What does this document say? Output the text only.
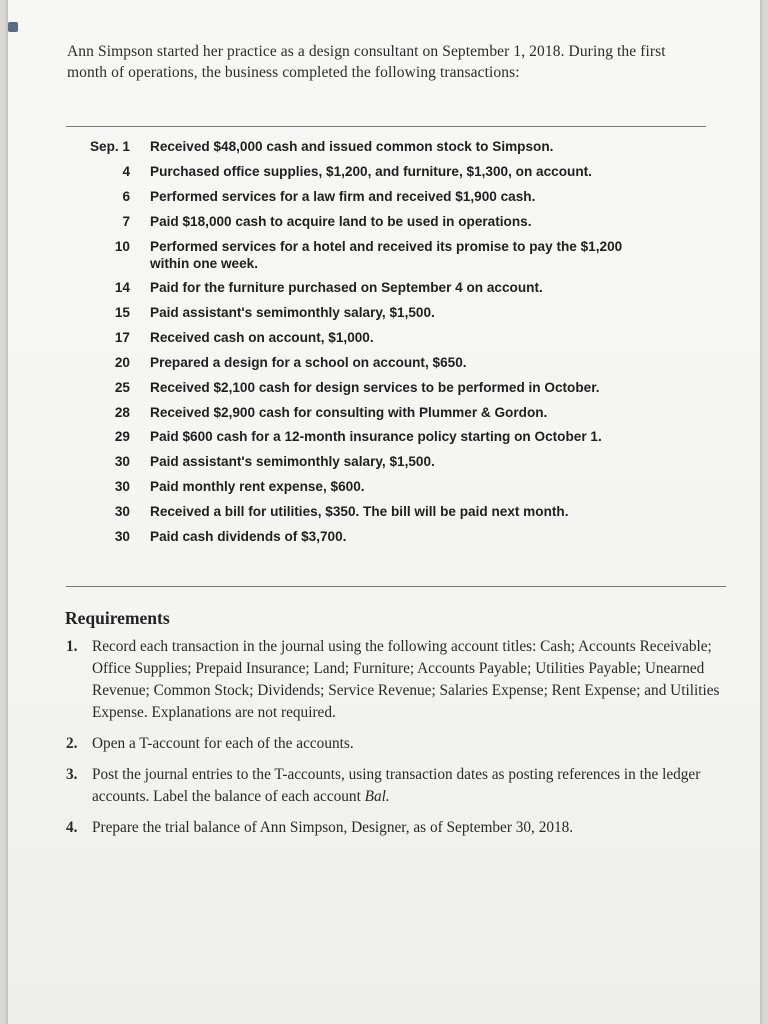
Ann Simpson started her practice as a design consultant on September 1, 2018. During the first month of operations, the business completed the following transactions:
Sep. 1	Received $48,000 cash and issued common stock to Simpson.
4	Purchased office supplies, $1,200, and furniture, $1,300, on account.
6	Performed services for a law firm and received $1,900 cash.
7	Paid $18,000 cash to acquire land to be used in operations.
10	Performed services for a hotel and received its promise to pay the $1,200 within one week.
14	Paid for the furniture purchased on September 4 on account.
15	Paid assistant's semimonthly salary, $1,500.
17	Received cash on account, $1,000.
20	Prepared a design for a school on account, $650.
25	Received $2,100 cash for design services to be performed in October.
28	Received $2,900 cash for consulting with Plummer & Gordon.
29	Paid $600 cash for a 12-month insurance policy starting on October 1.
30	Paid assistant's semimonthly salary, $1,500.
30	Paid monthly rent expense, $600.
30	Received a bill for utilities, $350. The bill will be paid next month.
30	Paid cash dividends of $3,700.
Requirements
1. Record each transaction in the journal using the following account titles: Cash; Accounts Receivable; Office Supplies; Prepaid Insurance; Land; Furniture; Accounts Payable; Utilities Payable; Unearned Revenue; Common Stock; Dividends; Service Revenue; Salaries Expense; Rent Expense; and Utilities Expense. Explanations are not required.
2. Open a T-account for each of the accounts.
3. Post the journal entries to the T-accounts, using transaction dates as posting references in the ledger accounts. Label the balance of each account Bal.
4. Prepare the trial balance of Ann Simpson, Designer, as of September 30, 2018.
